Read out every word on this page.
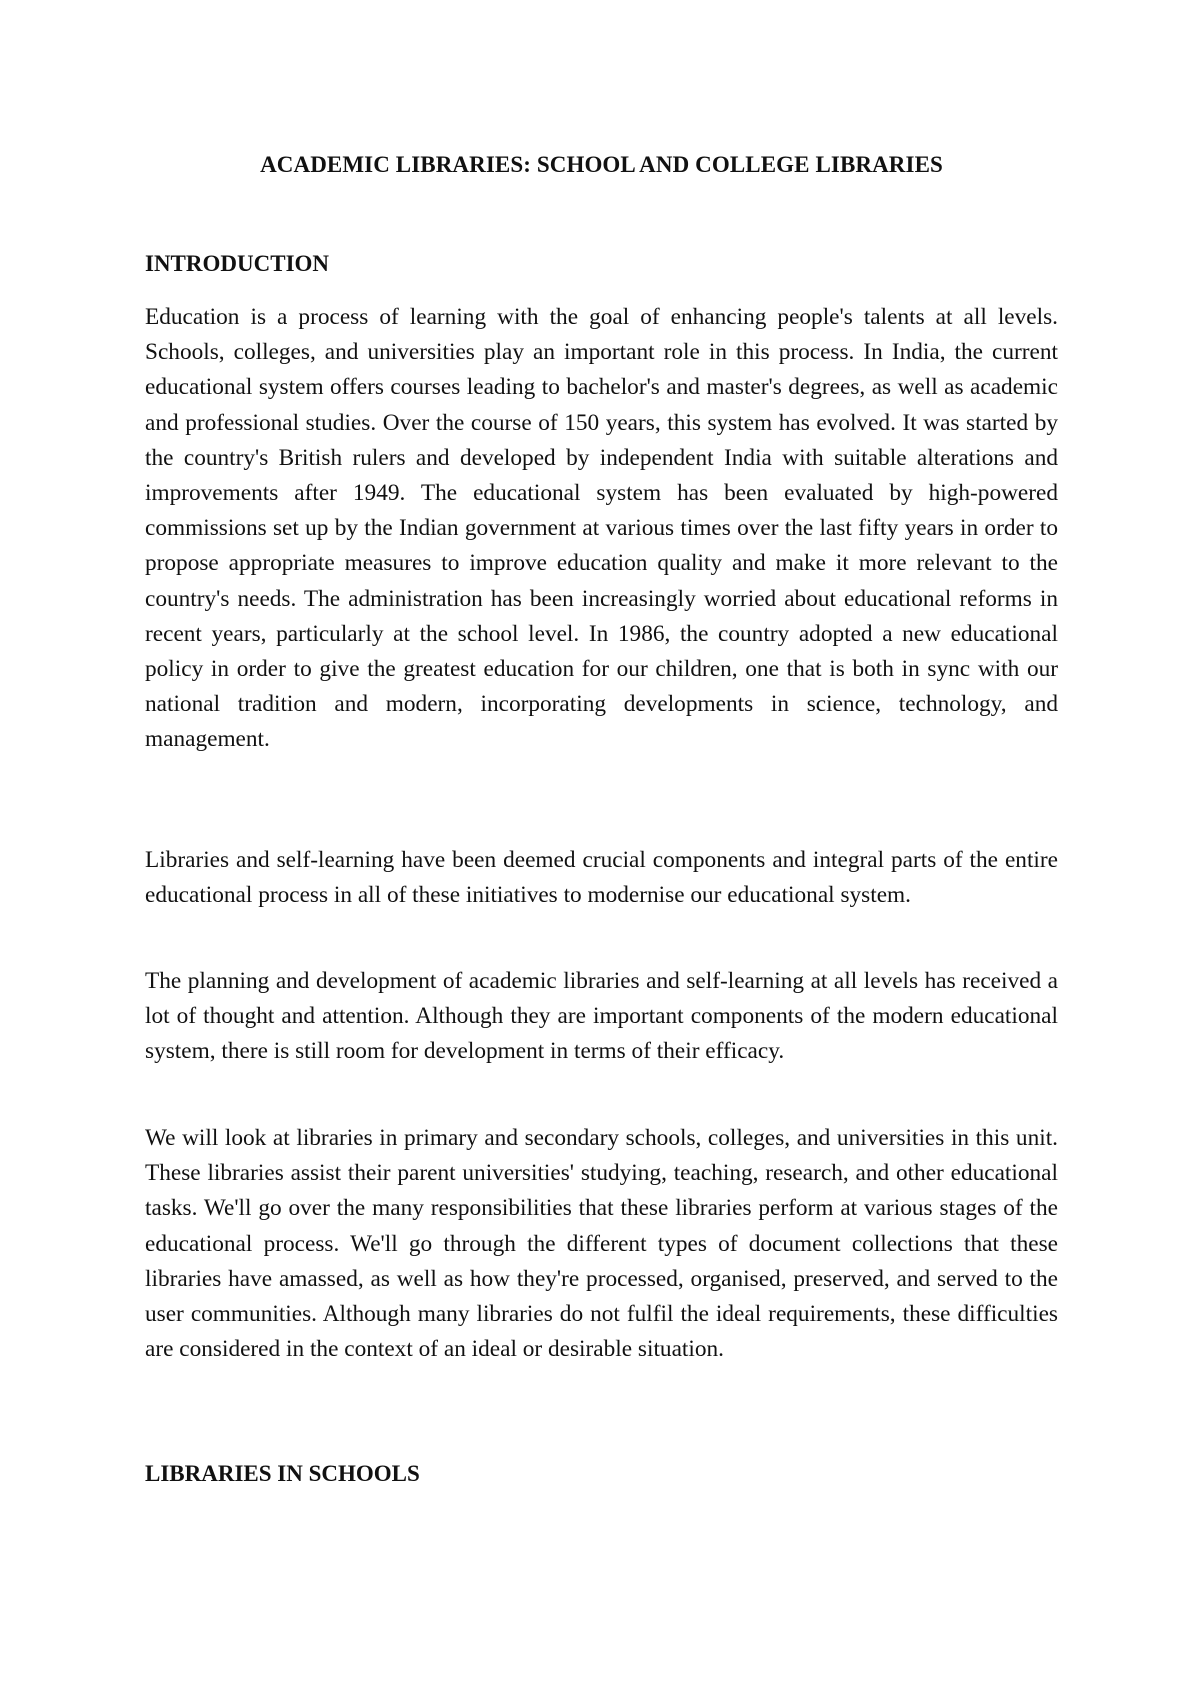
ACADEMIC LIBRARIES: SCHOOL AND COLLEGE LIBRARIES
INTRODUCTION

Education is a process of learning with the goal of enhancing people's talents at all levels. Schools, colleges, and universities play an important role in this process. In India, the current educational system offers courses leading to bachelor's and master's degrees, as well as academic and professional studies. Over the course of 150 years, this system has evolved. It was started by the country's British rulers and developed by independent India with suitable alterations and improvements after 1949. The educational system has been evaluated by high-powered commissions set up by the Indian government at various times over the last fifty years in order to propose appropriate measures to improve education quality and make it more relevant to the country's needs. The administration has been increasingly worried about educational reforms in recent years, particularly at the school level. In 1986, the country adopted a new educational policy in order to give the greatest education for our children, one that is both in sync with our national tradition and modern, incorporating developments in science, technology, and management.

Libraries and self-learning have been deemed crucial components and integral parts of the entire educational process in all of these initiatives to modernise our educational system.

The planning and development of academic libraries and self-learning at all levels has received a lot of thought and attention. Although they are important components of the modern educational system, there is still room for development in terms of their efficacy.

We will look at libraries in primary and secondary schools, colleges, and universities in this unit. These libraries assist their parent universities' studying, teaching, research, and other educational tasks. We'll go over the many responsibilities that these libraries perform at various stages of the educational process. We'll go through the different types of document collections that these libraries have amassed, as well as how they're processed, organised, preserved, and served to the user communities. Although many libraries do not fulfil the ideal requirements, these difficulties are considered in the context of an ideal or desirable situation.

LIBRARIES IN SCHOOLS
